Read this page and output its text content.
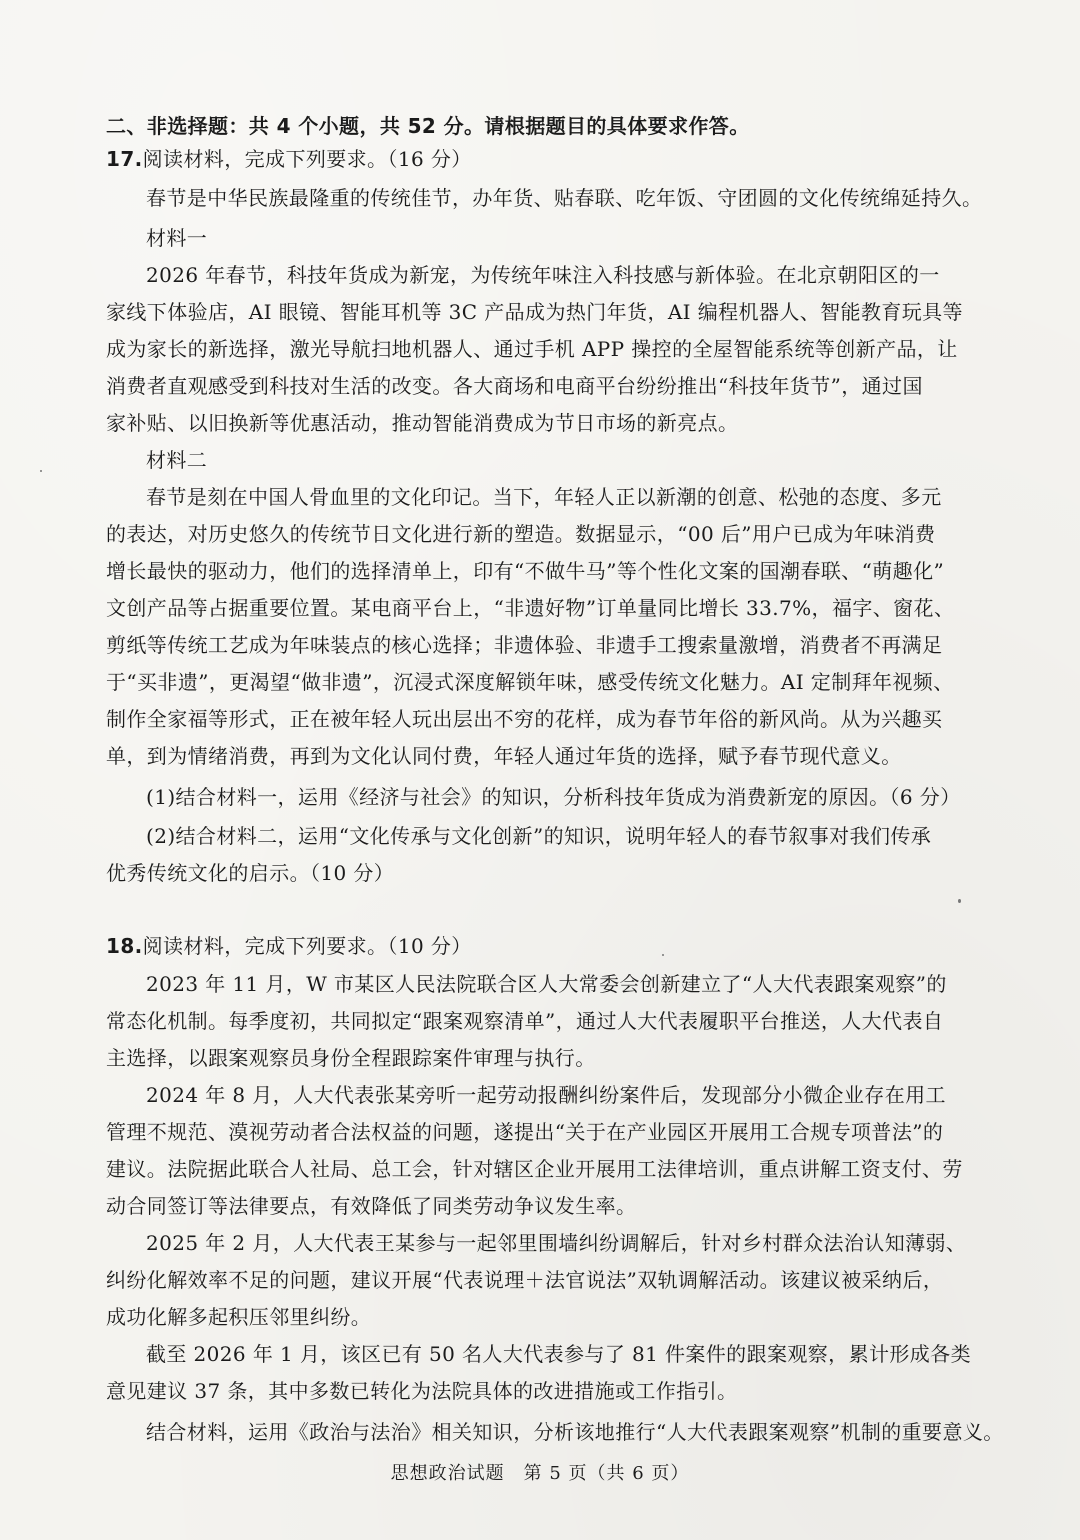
二、非选择题：共 4 个小题，共 52 分。请根据题目的具体要求作答。
17.阅读材料，完成下列要求。（16 分）
春节是中华民族最隆重的传统佳节，办年货、贴春联、吃年饭、守团圆的文化传统绵延持久。
材料一
2026 年春节，科技年货成为新宠，为传统年味注入科技感与新体验。在北京朝阳区的一
家线下体验店，AI 眼镜、智能耳机等 3C 产品成为热门年货，AI 编程机器人、智能教育玩具等
成为家长的新选择，激光导航扫地机器人、通过手机 APP 操控的全屋智能系统等创新产品，让
消费者直观感受到科技对生活的改变。各大商场和电商平台纷纷推出“科技年货节”，通过国
家补贴、以旧换新等优惠活动，推动智能消费成为节日市场的新亮点。
材料二
春节是刻在中国人骨血里的文化印记。当下，年轻人正以新潮的创意、松弛的态度、多元
的表达，对历史悠久的传统节日文化进行新的塑造。数据显示，“00 后”用户已成为年味消费
增长最快的驱动力，他们的选择清单上，印有“不做牛马”等个性化文案的国潮春联、“萌趣化”
文创产品等占据重要位置。某电商平台上，“非遗好物”订单量同比增长 33.7%，福字、窗花、
剪纸等传统工艺成为年味装点的核心选择；非遗体验、非遗手工搜索量激增，消费者不再满足
于“买非遗”，更渴望“做非遗”，沉浸式深度解锁年味，感受传统文化魅力。AI 定制拜年视频、
制作全家福等形式，正在被年轻人玩出层出不穷的花样，成为春节年俗的新风尚。从为兴趣买
单，到为情绪消费，再到为文化认同付费，年轻人通过年货的选择，赋予春节现代意义。
(1)结合材料一，运用《经济与社会》的知识，分析科技年货成为消费新宠的原因。（6 分）
(2)结合材料二，运用“文化传承与文化创新”的知识，说明年轻人的春节叙事对我们传承
优秀传统文化的启示。（10 分）
18.阅读材料，完成下列要求。（10 分）
2023 年 11 月，W 市某区人民法院联合区人大常委会创新建立了“人大代表跟案观察”的
常态化机制。每季度初，共同拟定“跟案观察清单”，通过人大代表履职平台推送，人大代表自
主选择，以跟案观察员身份全程跟踪案件审理与执行。
2024 年 8 月，人大代表张某旁听一起劳动报酬纠纷案件后，发现部分小微企业存在用工
管理不规范、漠视劳动者合法权益的问题，遂提出“关于在产业园区开展用工合规专项普法”的
建议。法院据此联合人社局、总工会，针对辖区企业开展用工法律培训，重点讲解工资支付、劳
动合同签订等法律要点，有效降低了同类劳动争议发生率。
2025 年 2 月，人大代表王某参与一起邻里围墙纠纷调解后，针对乡村群众法治认知薄弱、
纠纷化解效率不足的问题，建议开展“代表说理＋法官说法”双轨调解活动。该建议被采纳后，
成功化解多起积压邻里纠纷。
截至 2026 年 1 月，该区已有 50 名人大代表参与了 81 件案件的跟案观察，累计形成各类
意见建议 37 条，其中多数已转化为法院具体的改进措施或工作指引。
结合材料，运用《政治与法治》相关知识，分析该地推行“人大代表跟案观察”机制的重要意义。
思想政治试题　第 5 页（共 6 页）
